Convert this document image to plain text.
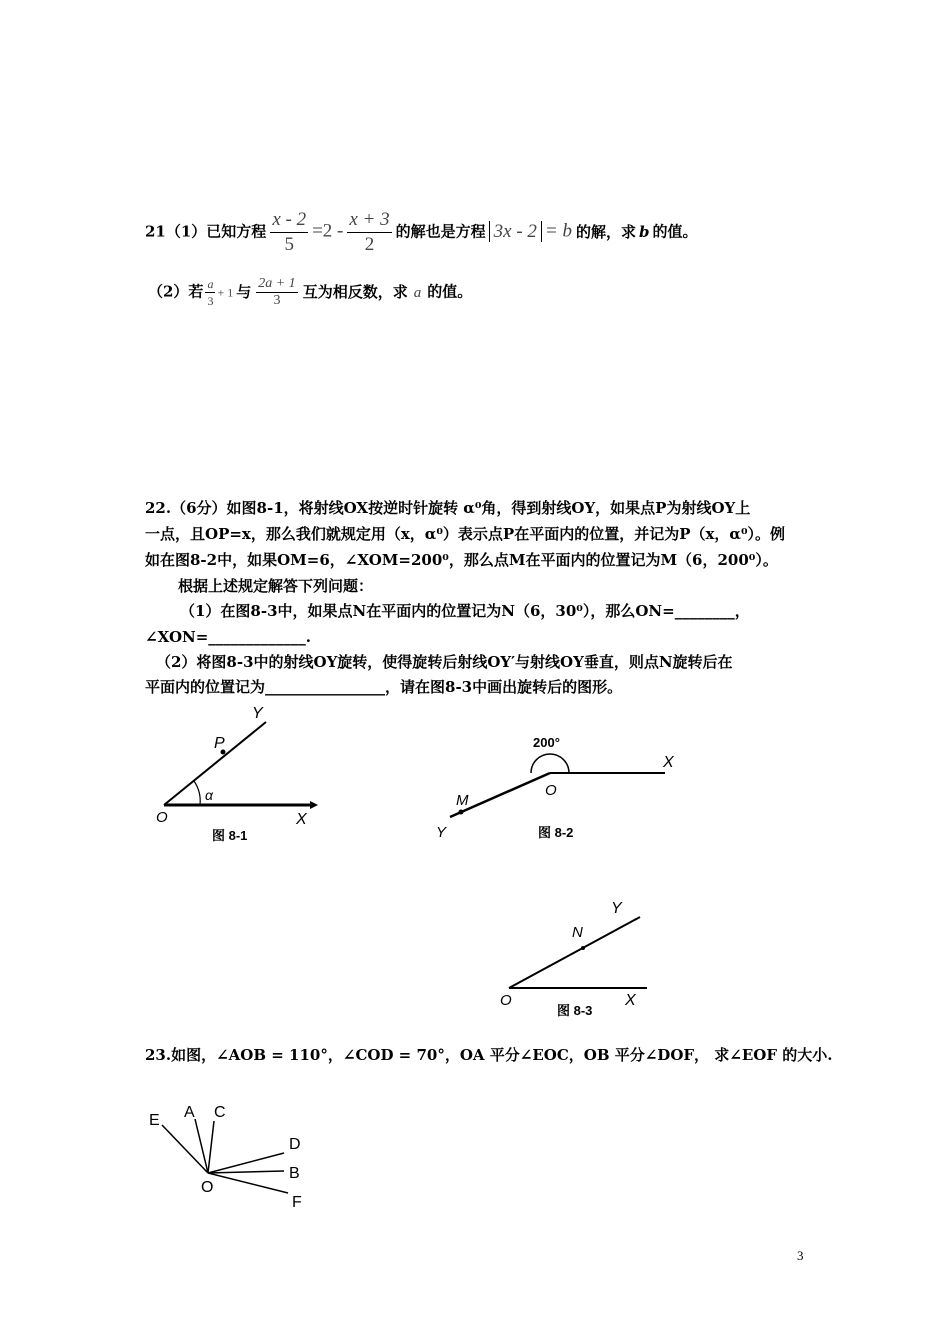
21（1）已知方程 $\frac{x - 2}{5} =2 - \frac{x + 3}{2}$ 的解也是方程 3x - 2 = b 的解，求 b 的值。
（2）若 $\frac{a}{3} + 1$ 与 $\frac{2a + 1}{3}$ 互为相反数，求 a 的值。
22.（6分）如图8-1，将射线OX按逆时针旋转 α⁰角，得到射线OY，如果点P为射线OY上
一点，且OP=x，那么我们就规定用（x，α⁰）表示点P在平面内的位置，并记为P（x，α⁰）。例
如在图8-2中，如果OM=6，∠XOM=200⁰，那么点M在平面内的位置记为M（6，200⁰）。
根据上述规定解答下列问题：
（1）在图8-3中，如果点N在平面内的位置记为N（6，30⁰），那么ON=________，
∠XON=_____________.
（2）将图8-3中的射线OY旋转，使得旋转后射线OY′与射线OY垂直，则点N旋转后在
平面内的位置记为________________，请在图8-3中画出旋转后的图形。
Y
P
α
O	X
图 8-1
200°
X
O
M
Y	图 8-2
Y
N
O	X
图 8-3
23.如图，∠AOB = 110°，∠COD = 70°，OA 平分∠EOC，OB 平分∠DOF， 求∠EOF 的大小.
E A C
D
B
O
F
3
